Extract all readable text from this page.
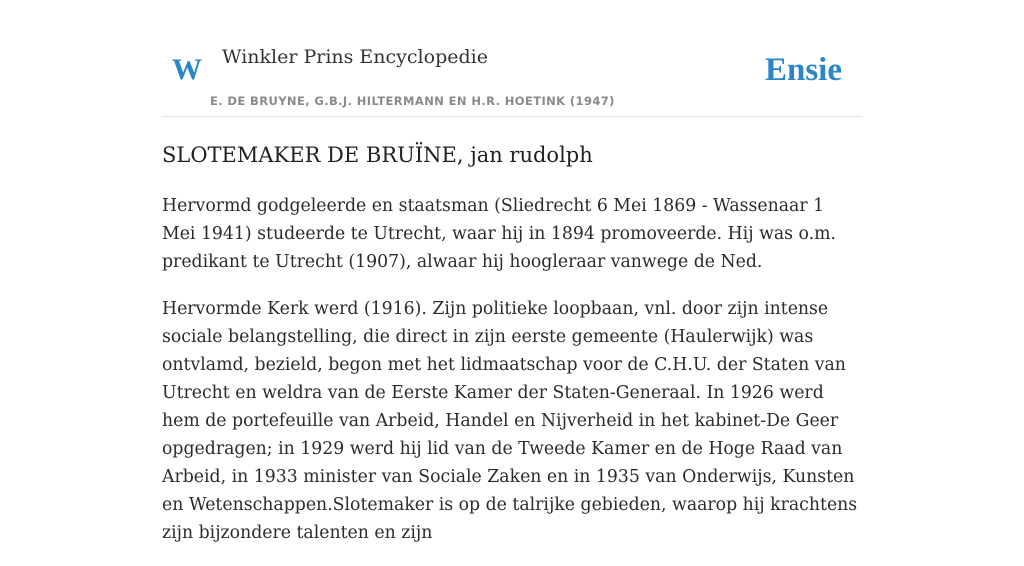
W Winkler Prins Encyclopedie
E. DE BRUYNE, G.B.J. HILTERMANN EN H.R. HOETINK (1947)
Ensie
SLOTEMAKER DE BRUÏNE, jan rudolph

Hervormd godgeleerde en staatsman (Sliedrecht 6 Mei 1869 - Wassenaar 1 Mei 1941) studeerde te Utrecht, waar hij in 1894 promoveerde. Hij was o.m. predikant te Utrecht (1907), alwaar hij hoogleraar vanwege de Ned.

Hervormde Kerk werd (1916). Zijn politieke loopbaan, vnl. door zijn intense sociale belangstelling, die direct in zijn eerste gemeente (Haulerwijk) was ontvlamd, bezield, begon met het lidmaatschap voor de C.H.U. der Staten van Utrecht en weldra van de Eerste Kamer der Staten-Generaal. In 1926 werd hem de portefeuille van Arbeid, Handel en Nijverheid in het kabinet-De Geer opgedragen; in 1929 werd hij lid van de Tweede Kamer en de Hoge Raad van Arbeid, in 1933 minister van Sociale Zaken en in 1935 van Onderwijs, Kunsten en Wetenschappen.Slotemaker is op de talrijke gebieden, waarop hij krachtens zijn bijzondere talenten en zijn
